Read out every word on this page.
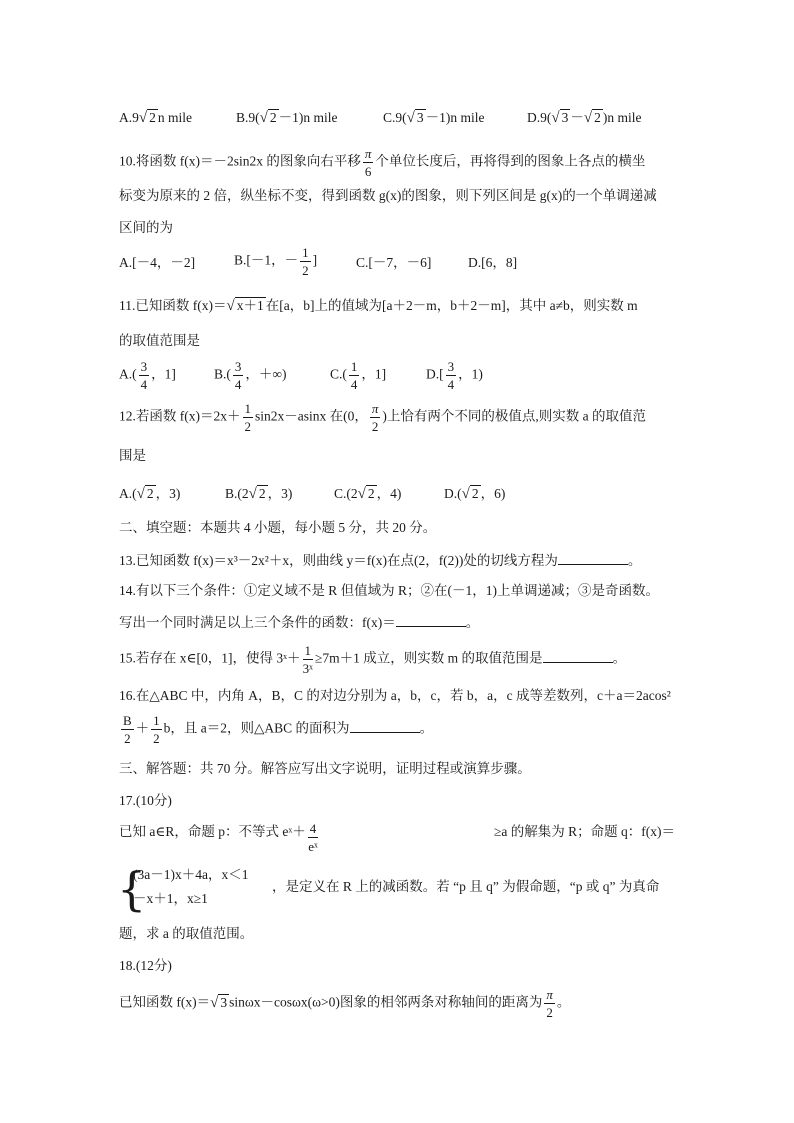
A.9√ 2 n mile	B.9(√ 2 －1)n mile	C.9(√ 3 －1)n mile	D.9(√ 3 －√ 2 )n mile
10.将函数 f(x)＝－2sin2x 的图象向右平移 $\frac{\pi}{6}$ 个单位长度后，再将得到的图象上各点的横坐
标变为原来的 2 倍，纵坐标不变，得到函数 g(x)的图象，则下列区间是 g(x)的一个单调递减
区间的为
A.[－4，－2]	B.[－1，－ $\frac{1}{2}$ ]	C.[－7，－6]	D.[6，8]
11.已知函数 f(x)＝√ x＋1 在[a，b]上的值域为[a＋2－m，b＋2－m]，其中 a≠b，则实数 m
的取值范围是
$A.( \frac{3}{4}$ ，1]	$B.( \frac{3}{4}$ ，＋∞)	$C.( \frac{1}{4}$ ，1]	$D.[ \frac{3}{4}$ ，1)
12.若函数 $f(x)=2x+ \frac{1}{2} \sin 2x-asinx$ 在(0， $\frac{\pi}{2}$ )上恰有两个不同的极值点,则实数 a 的取值范
围是
A.(√ 2 ，3)	B.(2√ 2 ，3)	C.(2√ 2 ，4)	D.(√ 2 ，6)
二、填空题：本题共 4 小题，每小题 5 分，共 20 分。
13.已知函数 f(x)＝x³－2x²＋x，则曲线 y＝f(x)在点(2，f(2))处的切线方程为	。
14.有以下三个条件：①定义域不是 R 但值域为 R；②在(－1，1)上单调递减；③是奇函数。
写出一个同时满足以上三个条件的函数：f(x)＝	。
15.若存在 x∈[0，1]，使得 3ˣ＋ $\frac{1}{\text{3ˣ}} \ge 7m+1$ 成立，则实数 m 的取值范围是	。
16.在△ABC 中，内角 A，B，C 的对边分别为 a，b，c，若 b，a，c 成等差数列，c＋a＝2acos²
$\frac{B}{2} + \frac{1}{2}$ b，且 a＝2，则△ABC 的面积为	。
三、解答题：共 70 分。解答应写出文字说明，证明过程或演算步骤。
17.(10分)
已知 a∈R，命题 p：不等式 eˣ＋ $\frac{4}{\text{eˣ}}$	≥a 的解集为 R；命题 q：f(x)＝
{
(3a－1)x＋4a，x＜1
－x＋1，x≥1
，是定义在 R 上的减函数。若 “p 且 q” 为假命题，“p 或 q” 为真命
题，求 a 的取值范围。
18.(12分)
已知函数 f(x)＝√ 3 sinωx－cosωx(ω>0)图象的相邻两条对称轴间的距离为 $\frac{\pi}{2}$ 。
